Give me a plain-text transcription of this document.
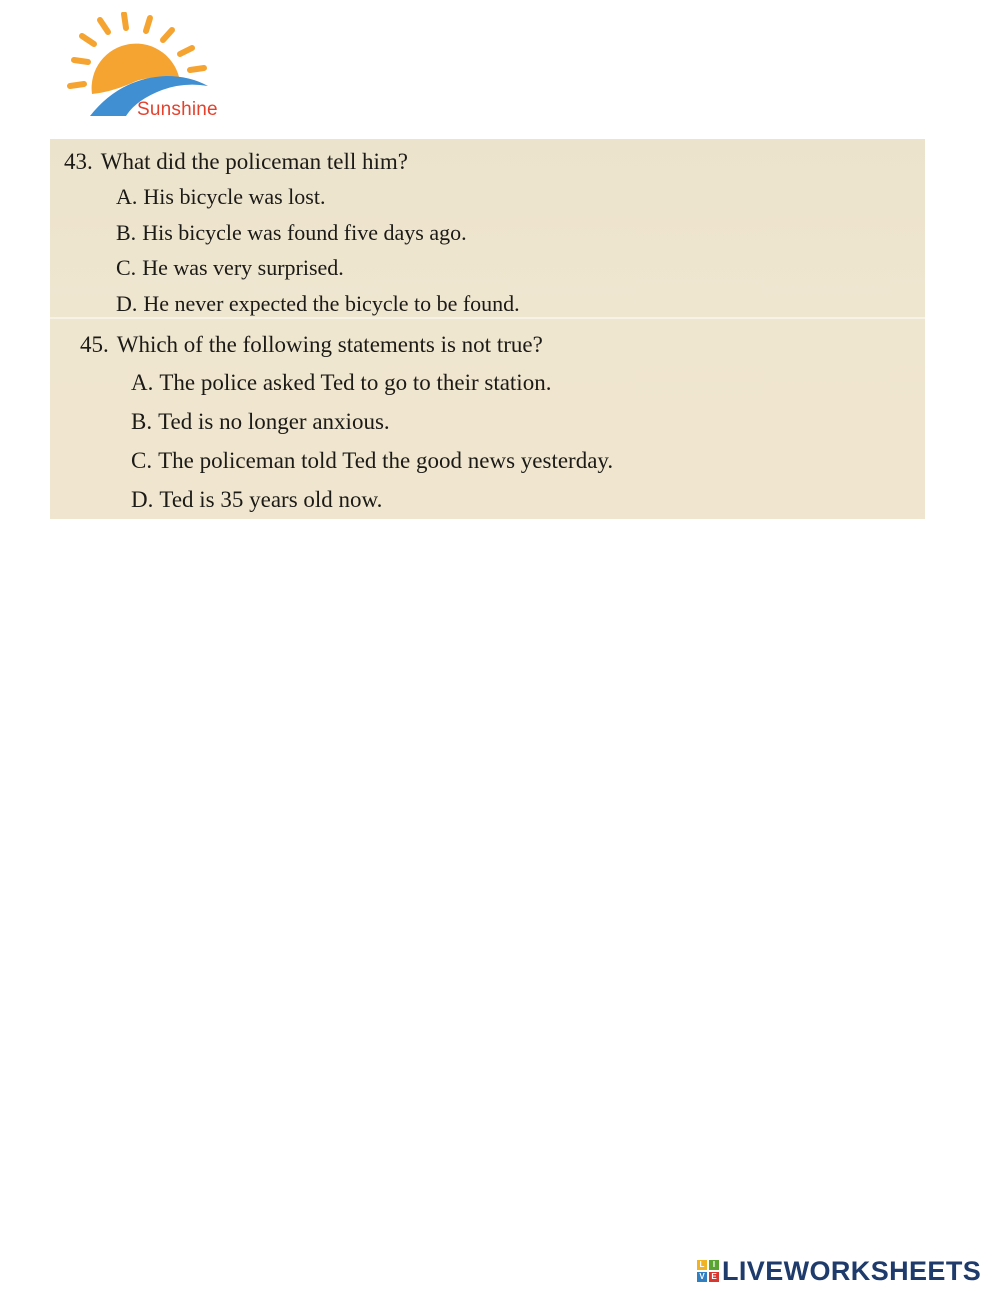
Sunshine
43. What did the policeman tell him?
A. His bicycle was lost.
B. His bicycle was found five days ago.
C. He was very surprised.
D. He never expected the bicycle to be found.
45. Which of the following statements is not true?
A. The police asked Ted to go to their station.
B. Ted is no longer anxious.
C. The policeman told Ted the good news yesterday.
D. Ted is 35 years old now.
L	I
V E LIVEWORKSHEETS
